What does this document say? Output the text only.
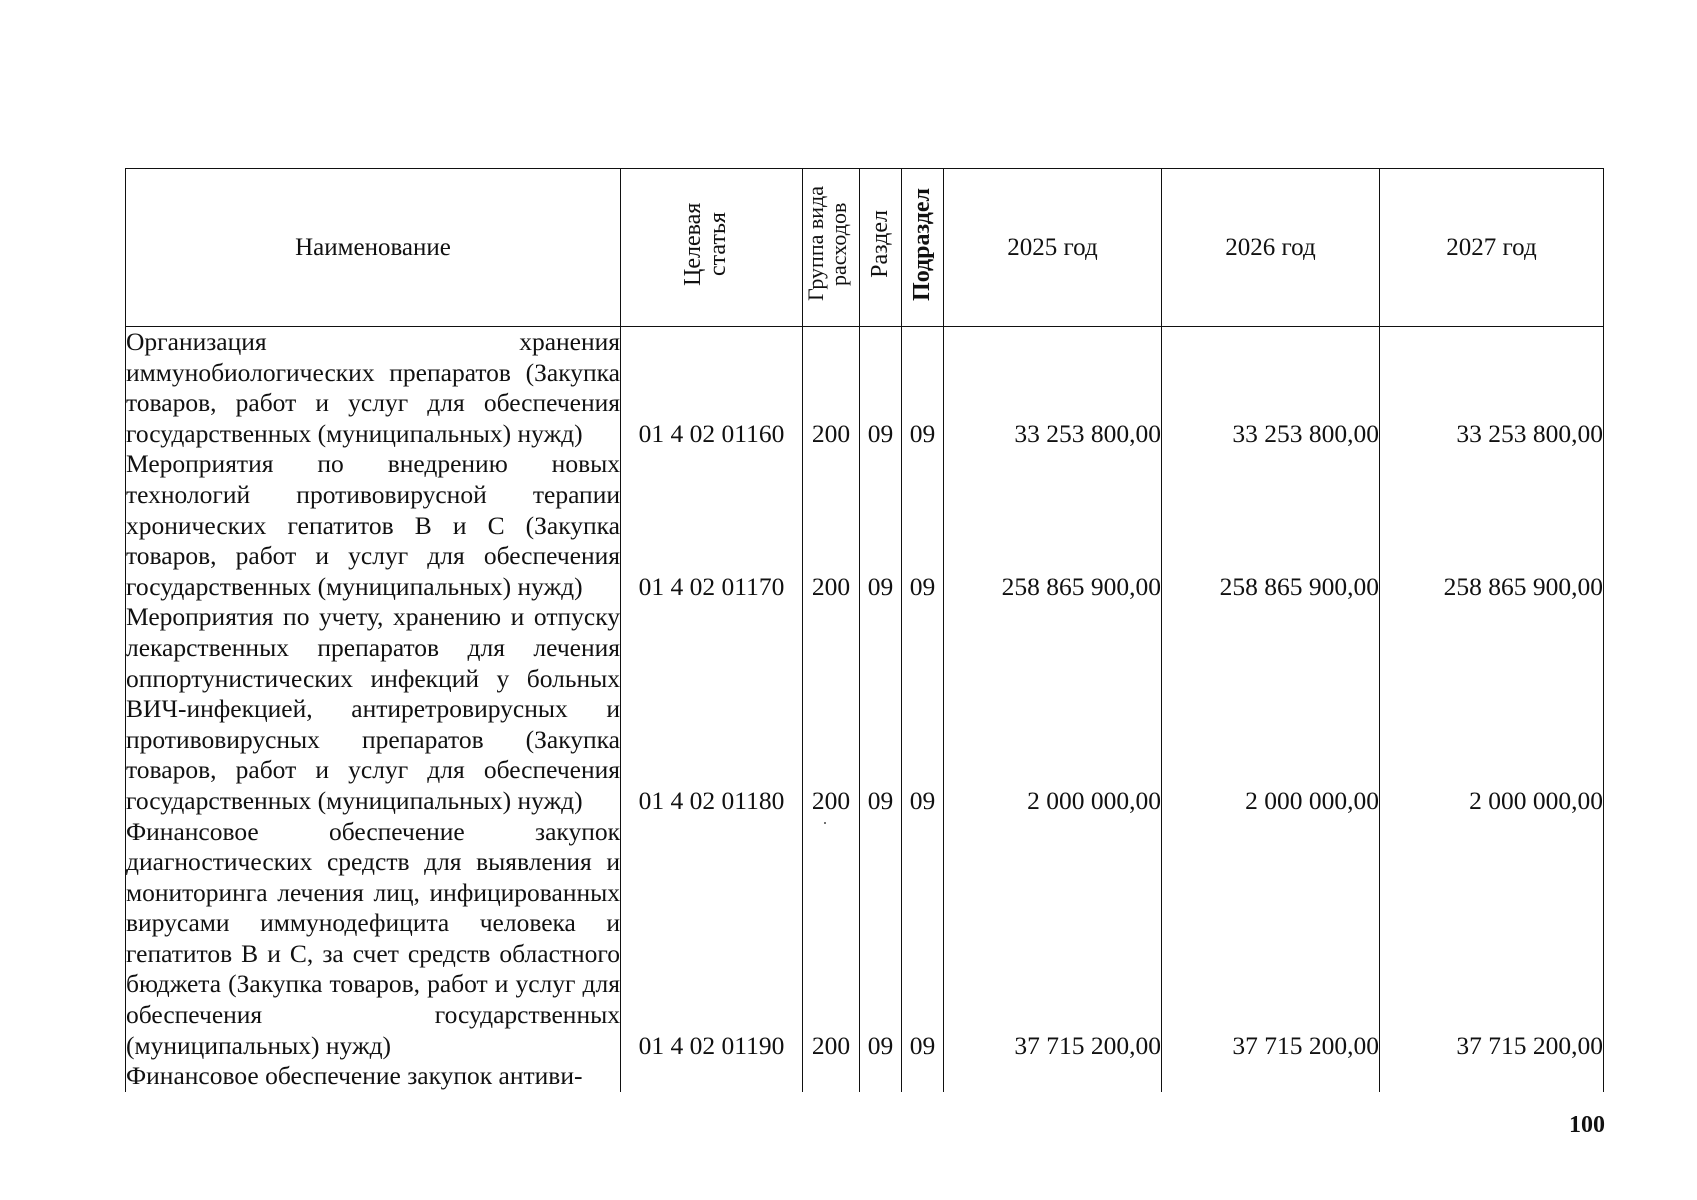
Наименование	Целевая статья	Группа вида расходов	Раздел	Подраздел	2025 год	2026 год	2027 год
Организация хранения иммунобиологических препаратов (Закупка товаров, работ и услуг для обеспечения государственных (муниципальных) нужд)	01 4 02 01160	200	09	09	33 253 800,00	33 253 800,00	33 253 800,00
Мероприятия по внедрению новых технологий противовирусной терапии хронических гепатитов В и С (Закупка товаров, работ и услуг для обеспечения государственных (муниципальных) нужд)	01 4 02 01170	200	09	09	258 865 900,00	258 865 900,00	258 865 900,00
Мероприятия по учету, хранению и отпуску лекарственных препаратов для лечения оппортунистических инфекций у больных ВИЧ-инфекцией, антиретровирусных и противовирусных препаратов (Закупка товаров, работ и услуг для обеспечения государственных (муниципальных) нужд)	01 4 02 01180	200	09	09	2 000 000,00	2 000 000,00	2 000 000,00
Финансовое обеспечение закупок диагностических средств для выявления и мониторинга лечения лиц, инфицированных вирусами иммунодефицита человека и гепатитов В и С, за счет средств областного бюджета (Закупка товаров, работ и услуг для обеспечения государственных (муниципальных) нужд)	01 4 02 01190	200	09	09	37 715 200,00	37 715 200,00	37 715 200,00
Финансовое обеспечение закупок антиви-							
100
